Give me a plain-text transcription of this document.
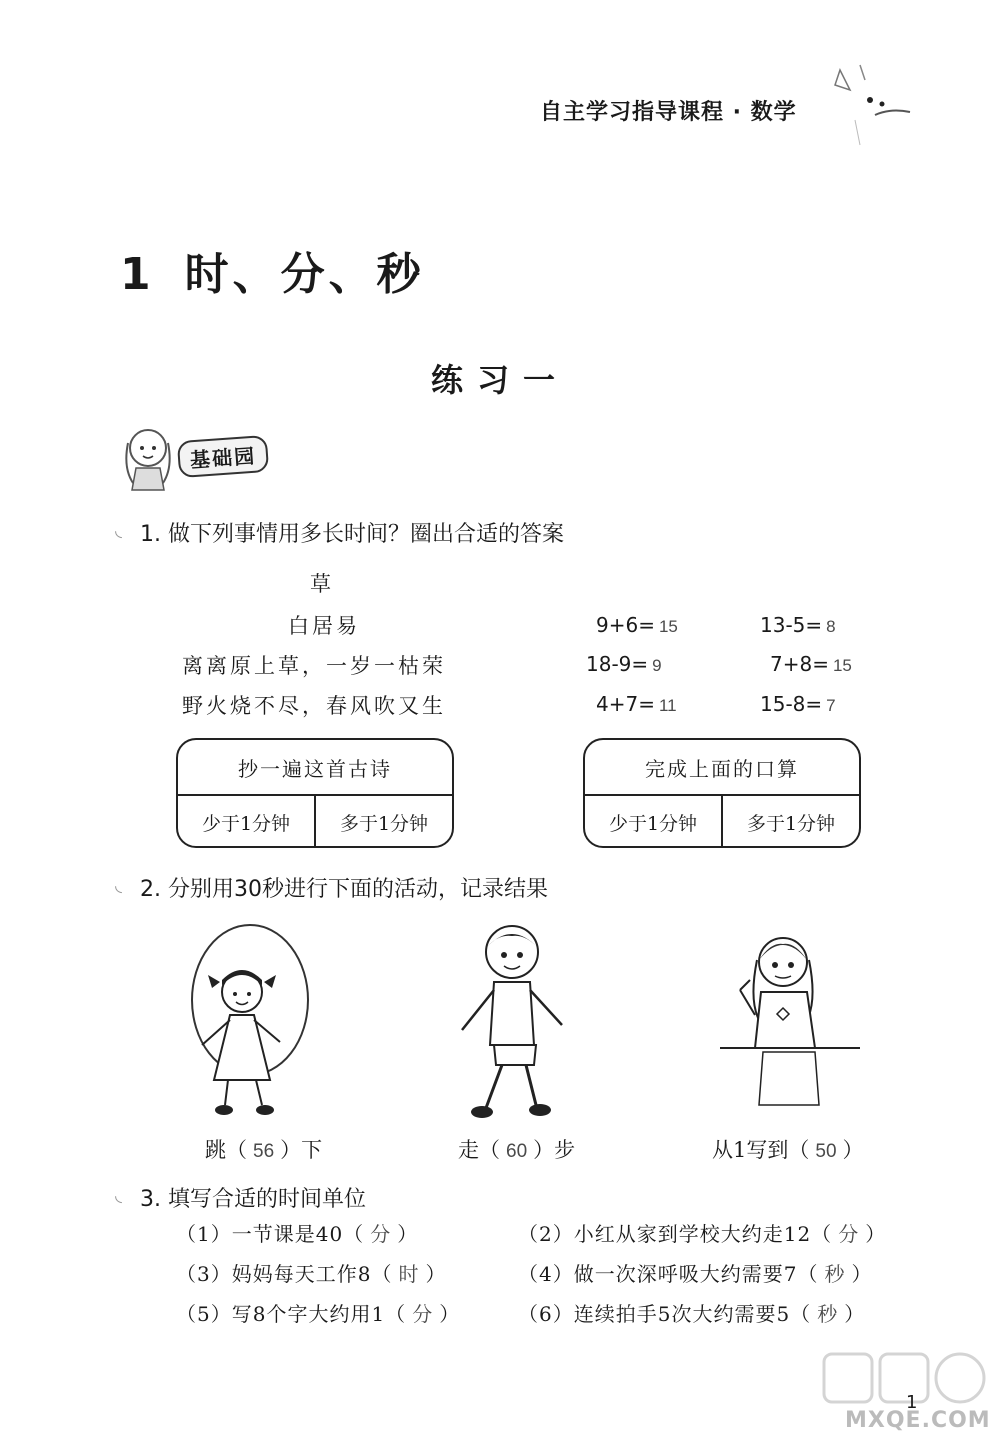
自主学习指导课程 · 数学
1 时、分、秒
练习一
基础园
◟ 1. 做下列事情用多长时间？圈出合适的答案
草
白居易
离离原上草，一岁一枯荣
野火烧不尽，春风吹又生
9+6= 15	13-5= 8
18-9= 9	7+8= 15
4+7= 11	15-8= 7
抄一遍这首古诗
少于1分钟	多于1分钟
完成上面的口算
少于1分钟	多于1分钟
◟ 2. 分别用30秒进行下面的活动，记录结果
跳（ 56 ）下	走（ 60 ）步	从1写到（ 50 ）
◟ 3. 填写合适的时间单位
（1）一节课是40（ 分 ）	（2）小红从家到学校大约走12（ 分 ）
（3）妈妈每天工作8（ 时 ）	（4）做一次深呼吸大约需要7（ 秒 ）
（5）写8个字大约用1（ 分 ）	（6）连续拍手5次大约需要5（ 秒 ）
MXQE.COM
1
